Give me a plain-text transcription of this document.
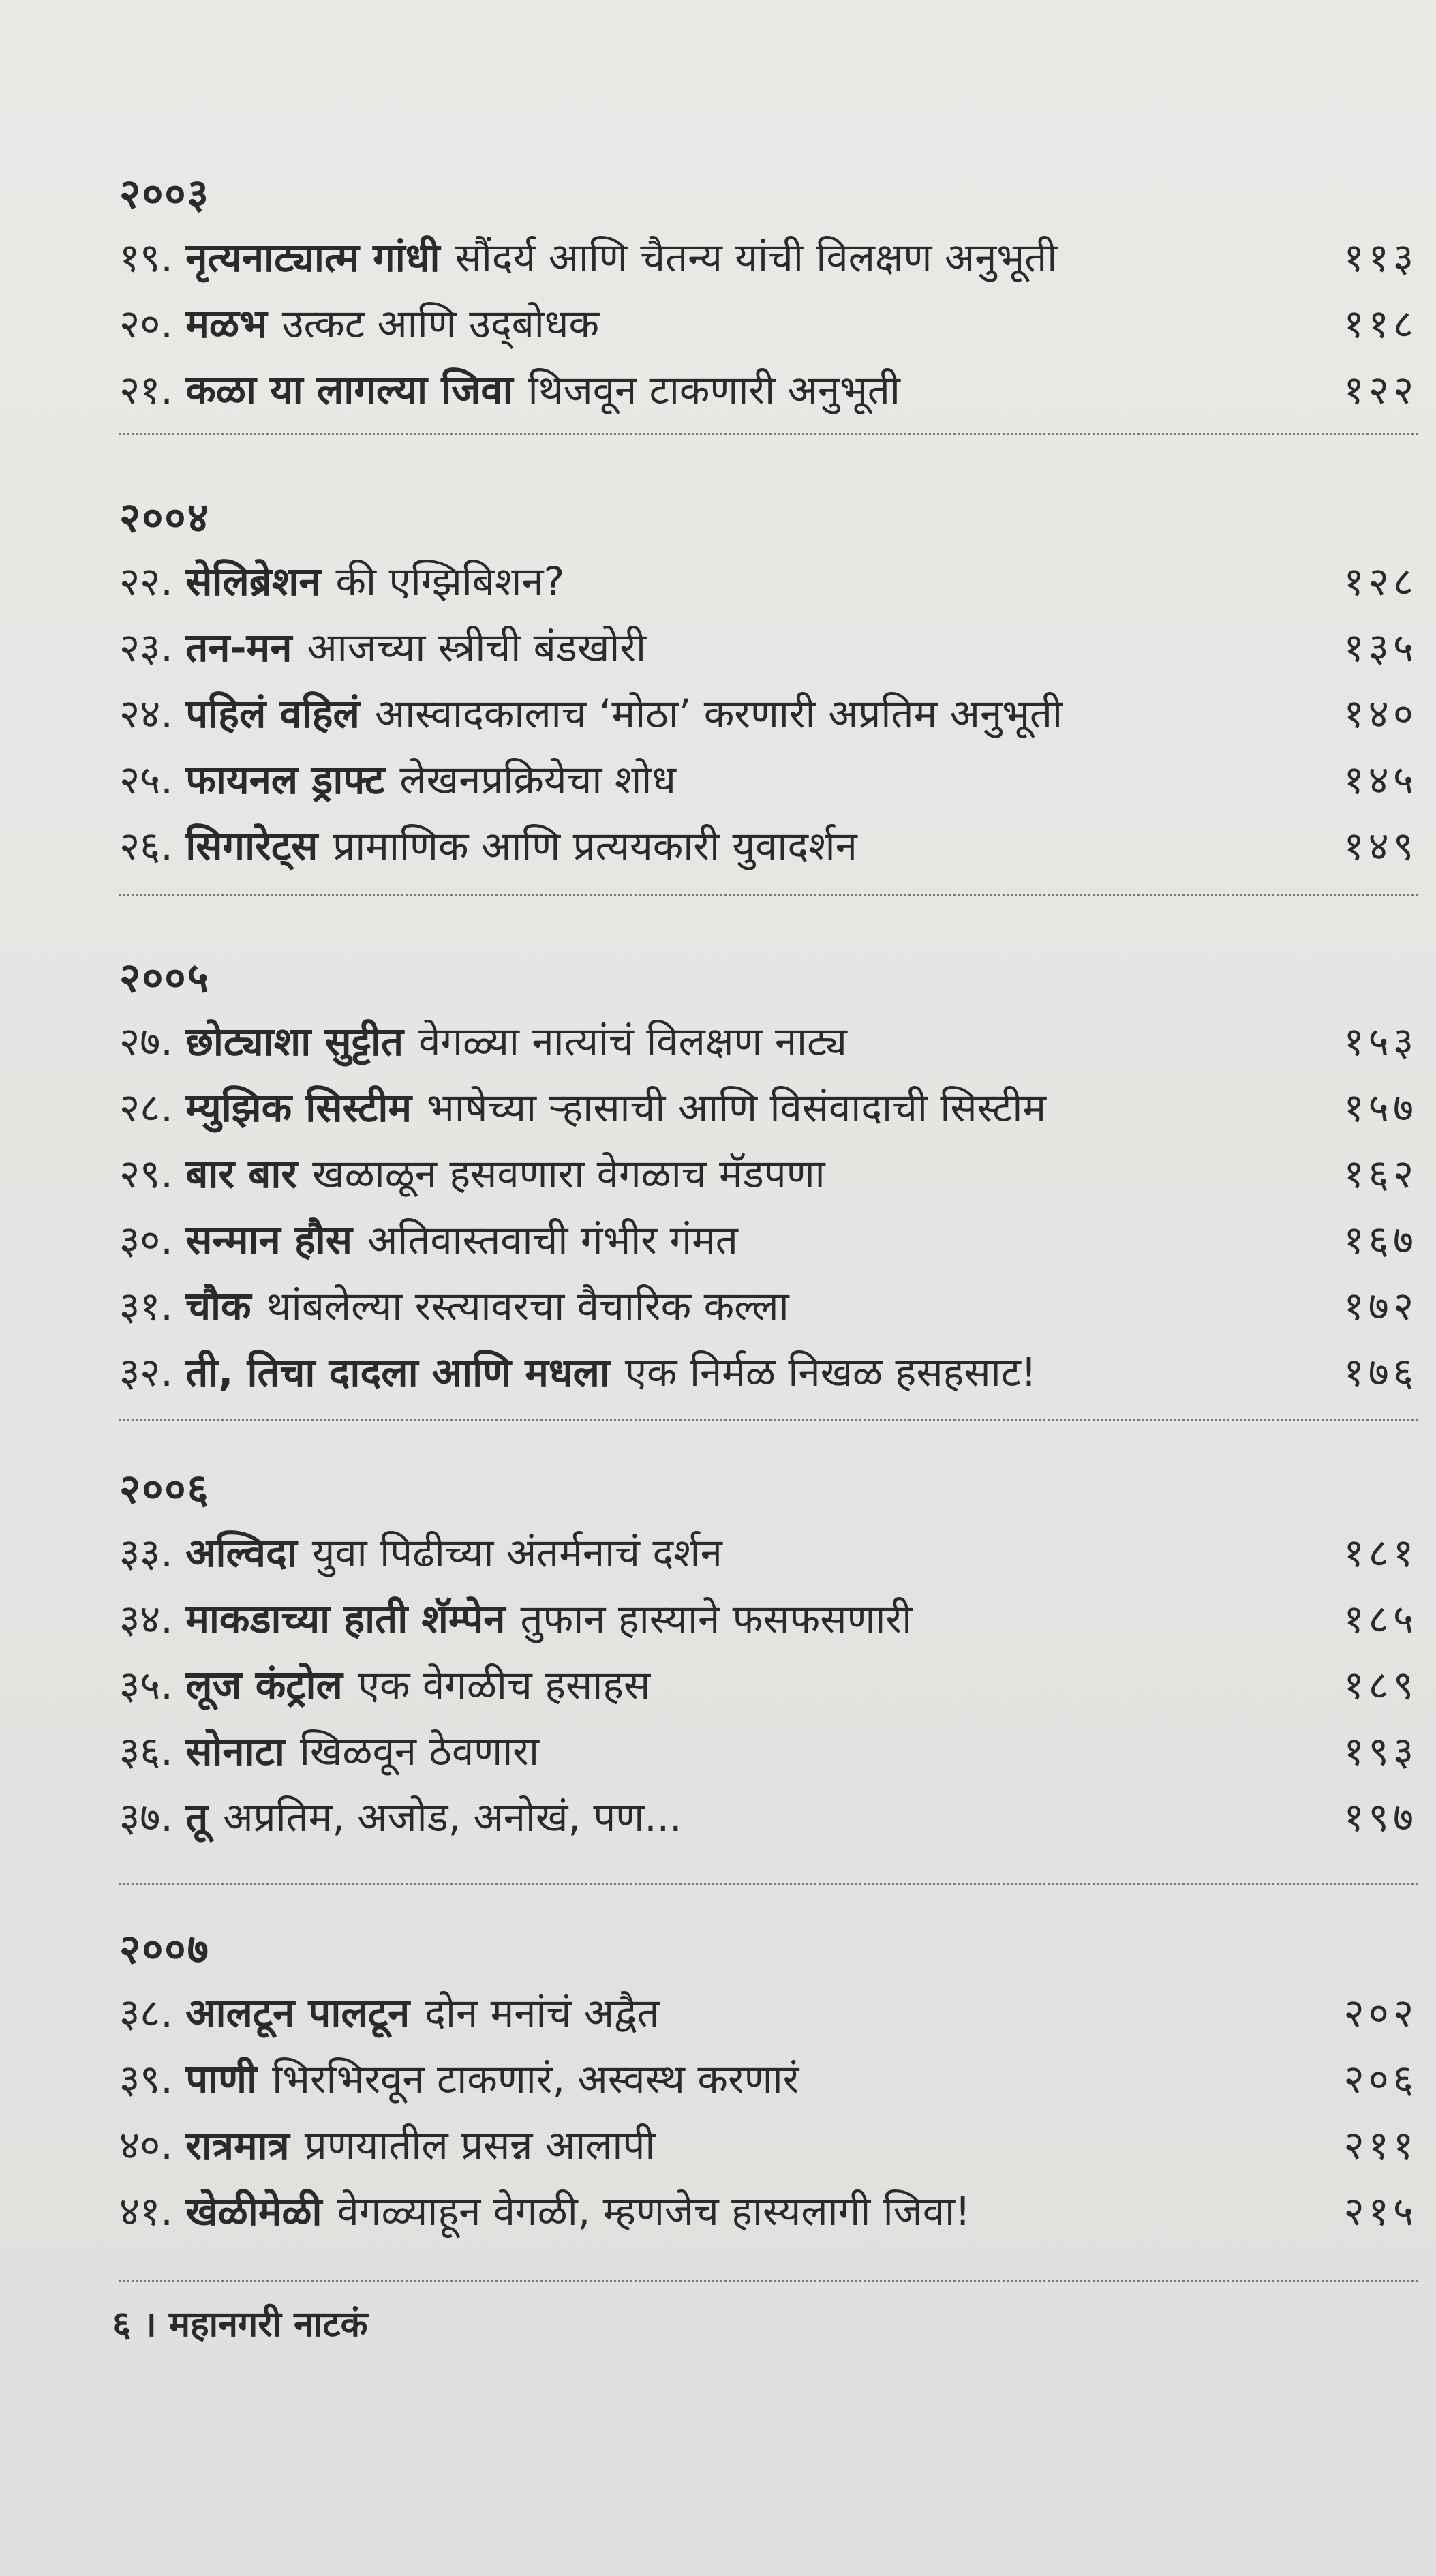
२००३
१९. नृत्यनाट्यात्म गांधी सौंदर्य आणि चैतन्य यांची विलक्षण अनुभूती	११३
२०. मळभ उत्कट आणि उद्‌बोधक	११८
२१. कळा या लागल्या जिवा थिजवून टाकणारी अनुभूती	१२२
२००४
२२. सेलिब्रेशन की एग्झिबिशन?	१२८
२३. तन-मन आजच्या स्त्रीची बंडखोरी	१३५
२४. पहिलं वहिलं आस्वादकालाच ‘मोठा’ करणारी अप्रतिम अनुभूती	१४०
२५. फायनल ड्राफ्ट लेखनप्रक्रियेचा शोध	१४५
२६. सिगारेट्स प्रामाणिक आणि प्रत्ययकारी युवादर्शन	१४९
२००५
२७. छोट्याशा सुट्टीत वेगळ्या नात्यांचं विलक्षण नाट्य	१५३
२८. म्युझिक सिस्टीम भाषेच्या ऱ्हासाची आणि विसंवादाची सिस्टीम	१५७
२९. बार बार खळाळून हसवणारा वेगळाच मॅडपणा	१६२
३०. सन्मान हौस अतिवास्तवाची गंभीर गंमत	१६७
३१. चौक थांबलेल्या रस्त्यावरचा वैचारिक कल्ला	१७२
३२. ती, तिचा दादला आणि मधला एक निर्मळ निखळ हसहसाट!	१७६
२००६
३३. अल्विदा युवा पिढीच्या अंतर्मनाचं दर्शन	१८१
३४. माकडाच्या हाती शॅम्पेन तुफान हास्याने फसफसणारी	१८५
३५. लूज कंट्रोल एक वेगळीच हसाहस	१८९
३६. सोनाटा खिळवून ठेवणारा	१९३
३७. तू अप्रतिम, अजोड, अनोखं, पण...	१९७
२००७
३८. आलटून पालटून दोन मनांचं अद्वैत	२०२
३९. पाणी भिरभिरवून टाकणारं, अस्वस्थ करणारं	२०६
४०. रात्रमात्र प्रणयातील प्रसन्न आलापी	२११
४१. खेळीमेळी वेगळ्याहून वेगळी, म्हणजेच हास्यलागी जिवा!	२१५
६ । महानगरी नाटकं
